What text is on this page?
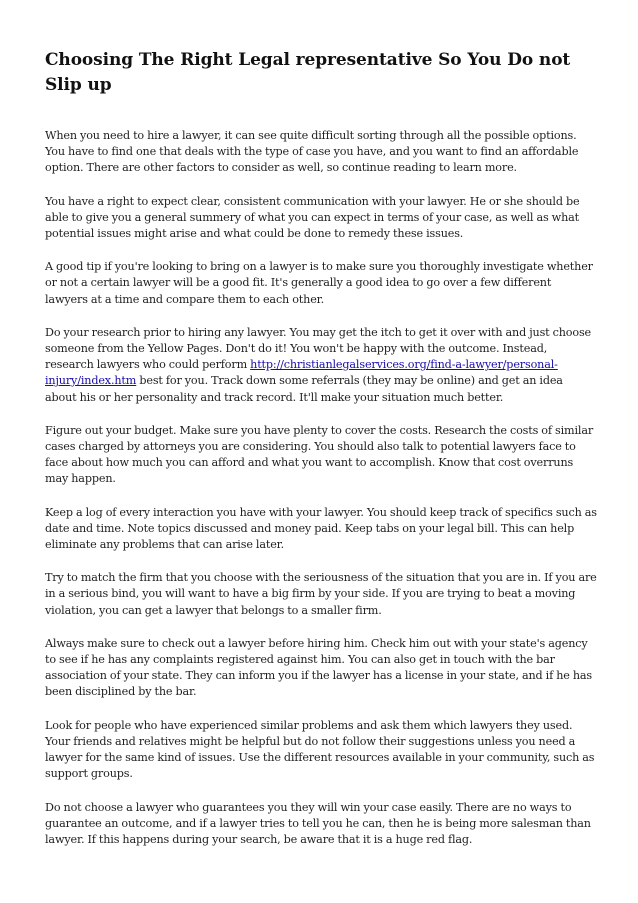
Choosing The Right Legal representative So You Do not Slip up

When you need to hire a lawyer, it can see quite difficult sorting through all the possible options. You have to find one that deals with the type of case you have, and you want to find an affordable option. There are other factors to consider as well, so continue reading to learn more.

You have a right to expect clear, consistent communication with your lawyer. He or she should be able to give you a general summery of what you can expect in terms of your case, as well as what potential issues might arise and what could be done to remedy these issues.

A good tip if you're looking to bring on a lawyer is to make sure you thoroughly investigate whether or not a certain lawyer will be a good fit. It's generally a good idea to go over a few different lawyers at a time and compare them to each other.

Do your research prior to hiring any lawyer. You may get the itch to get it over with and just choose someone from the Yellow Pages. Don't do it! You won't be happy with the outcome. Instead, research lawyers who could perform http://christianlegalservices.org/find-a-lawyer/personal-injury/index.htm best for you. Track down some referrals (they may be online) and get an idea about his or her personality and track record. It'll make your situation much better.

Figure out your budget. Make sure you have plenty to cover the costs. Research the costs of similar cases charged by attorneys you are considering. You should also talk to potential lawyers face to face about how much you can afford and what you want to accomplish. Know that cost overruns may happen.

Keep a log of every interaction you have with your lawyer. You should keep track of specifics such as date and time. Note topics discussed and money paid. Keep tabs on your legal bill. This can help eliminate any problems that can arise later.

Try to match the firm that you choose with the seriousness of the situation that you are in. If you are in a serious bind, you will want to have a big firm by your side. If you are trying to beat a moving violation, you can get a lawyer that belongs to a smaller firm.

Always make sure to check out a lawyer before hiring him. Check him out with your state's agency to see if he has any complaints registered against him. You can also get in touch with the bar association of your state. They can inform you if the lawyer has a license in your state, and if he has been disciplined by the bar.

Look for people who have experienced similar problems and ask them which lawyers they used. Your friends and relatives might be helpful but do not follow their suggestions unless you need a lawyer for the same kind of issues. Use the different resources available in your community, such as support groups.

Do not choose a lawyer who guarantees you they will win your case easily. There are no ways to guarantee an outcome, and if a lawyer tries to tell you he can, then he is being more salesman than lawyer. If this happens during your search, be aware that it is a huge red flag.
